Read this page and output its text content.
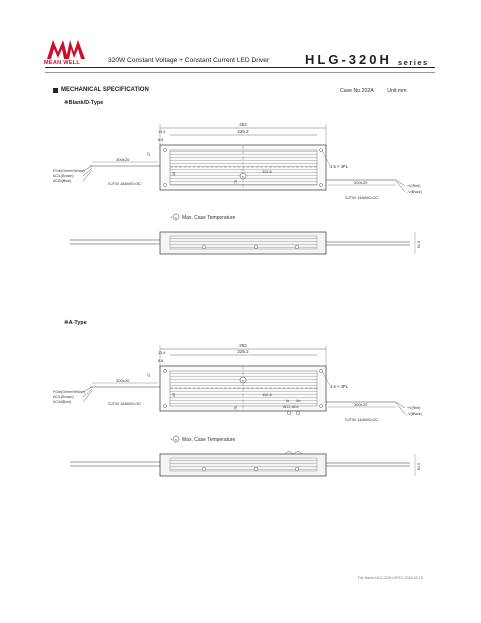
MEAN WELL	320W Constant Voltage + Constant Current LED Driver	HLG-320H series
MECHANICAL SPECIFICATION	Case No.202A	Unit:mm
※Blank/D-Type
※A-Type
252
225.2
13.4
8.8
tc
112.6
4.5 × 4PL
17
40
75
FG⊕(Green/Yellow)
AC/L(Brown)
AC/N(Blue)
300±20
SJTW 18AWG×3C	300±20
SJTW 14AWG×2C
+V(Red)
-V(Black)
tc
* Max. Case Temperature
61.5
252
225.2
13.4
8.8
tc
112.6
4.5 × 4PL
17
40
75
Io Vo
ADJ. ADJ.
FG⊕(Green/Yellow)
AC/L(Brown)
AC/N(Blue)
300±20
SJTW 18AWG×3C	300±20
SJTW 14AWG×2C
+V(Red)
-V(Black)
tc
* Max. Case Temperature
61.5
File Name:HLG-320H-SPEC 2018-03-19
